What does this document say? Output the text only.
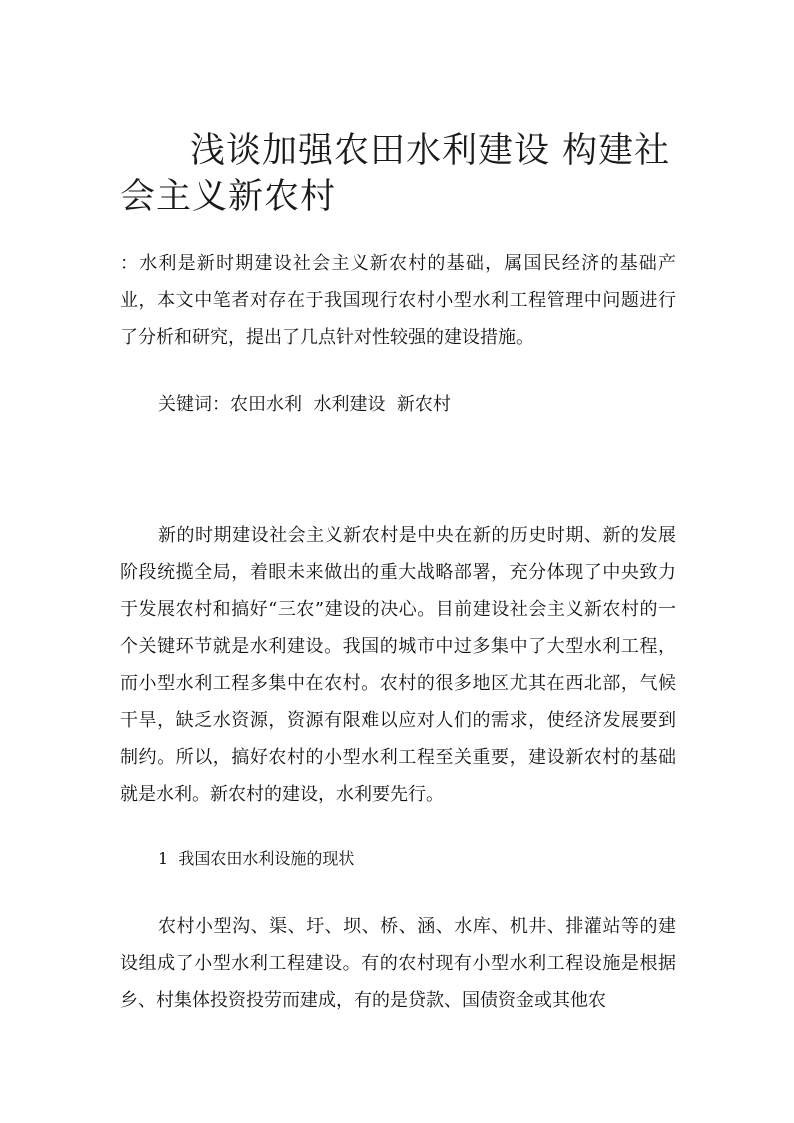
浅谈加强农田水利建设 构建社会主义新农村

：水利是新时期建设社会主义新农村的基础，属国民经济的基础产业，本文中笔者对存在于我国现行农村小型水利工程管理中问题进行了分析和研究，提出了几点针对性较强的建设措施。

关键词：农田水利  水利建设  新农村

新的时期建设社会主义新农村是中央在新的历史时期、新的发展阶段统揽全局，着眼未来做出的重大战略部署，充分体现了中央致力于发展农村和搞好“三农”建设的决心。目前建设社会主义新农村的一个关键环节就是水利建设。我国的城市中过多集中了大型水利工程，而小型水利工程多集中在农村。农村的很多地区尤其在西北部，气候干旱，缺乏水资源，资源有限难以应对人们的需求，使经济发展要到制约。所以，搞好农村的小型水利工程至关重要，建设新农村的基础就是水利。新农村的建设，水利要先行。

1  我国农田水利设施的现状

农村小型沟、渠、圩、坝、桥、涵、水库、机井、排灌站等的建设组成了小型水利工程建设。有的农村现有小型水利工程设施是根据乡、村集体投资投劳而建成，有的是贷款、国债资金或其他农
